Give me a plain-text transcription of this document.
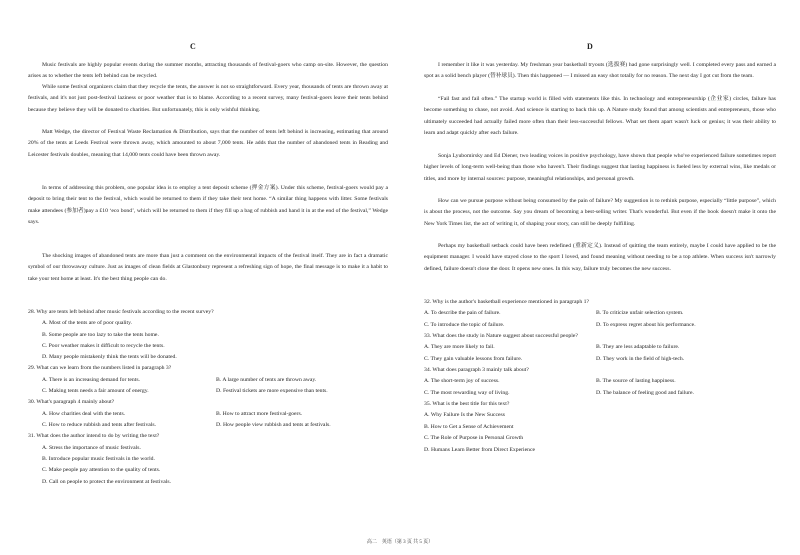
C

Music festivals are highly popular events during the summer months, attracting thousands of festival-goers who camp on-site. However, the question arises as to whether the tents left behind can be recycled.

While some festival organizers claim that they recycle the tents, the answer is not so straightforward. Every year, thousands of tents are thrown away at festivals, and it's not just post-festival laziness or poor weather that is to blame. According to a recent survey, many festival-goers leave their tents behind because they believe they will be donated to charities. But unfortunately, this is only wishful thinking.

Matt Wedge, the director of Festival Waste Reclamation & Distribution, says that the number of tents left behind is increasing, estimating that around 20% of the tents at Leeds Festival were thrown away, which amounted to about 7,000 tents. He adds that the number of abandoned tents in Reading and Leicester festivals doubles, meaning that 14,000 tents could have been thrown away.

In terms of addressing this problem, one popular idea is to employ a tent deposit scheme (押金方案). Under this scheme, festival-goers would pay a deposit to bring their tent to the festival, which would be returned to them if they take their tent home. “A similar thing happens with litter. Some festivals make attendees (参加者)pay a £10 ‘eco bond’, which will be returned to them if they fill up a bag of rubbish and hand it in at the end of the festival,” Wedge says.

The shocking images of abandoned tents are more than just a comment on the environmental impacts of the festival itself. They are in fact a dramatic symbol of our throwaway culture. Just as images of clean fields at Glastonbury represent a refreshing sign of hope, the final message is to make it a habit to take your tent home at least. It's the best thing people can do.

28. Why are tents left behind after music festivals according to the recent survey?
A. Most of the tents are of poor quality.
B. Some people are too lazy to take the tents home.
C. Poor weather makes it difficult to recycle the tents.
D. Many people mistakenly think the tents will be donated.
29. What can we learn from the numbers listed in paragraph 3?
A. There is an increasing demand for tents.	B. A large number of tents are thrown away.
C. Making tents needs a fair amount of energy.	D. Festival tickets are more expensive than tents.
30. What's paragraph 4 mainly about?
A. How charities deal with the tents.	B. How to attract more festival-goers.
C. How to reduce rubbish and tents after festivals.	D. How people view rubbish and tents at festivals.
31. What does the author intend to do by writing the text?
A. Stress the importance of music festivals.
B. Introduce popular music festivals in the world.
C. Make people pay attention to the quality of tents.
D. Call on people to protect the environment at festivals.
D

I remember it like it was yesterday. My freshman year basketball tryouts (选拔赛) had gone surprisingly well. I completed every pass and earned a spot as a solid bench player (替补球员). Then this happened — I missed an easy shot totally for no reason. The next day I got cut from the team.

“Fail fast and fail often.” The startup world is filled with statements like this. In technology and entrepreneurship (企业家) circles, failure has become something to chase, not avoid. And science is starting to back this up. A Nature study found that among scientists and entrepreneurs, those who ultimately succeeded had actually failed more often than their less-successful fellows. What set them apart wasn't luck or genius; it was their ability to learn and adapt quickly after each failure.

Sonja Lyubomirsky and Ed Diener, two leading voices in positive psychology, have shown that people who've experienced failure sometimes report higher levels of long-term well-being than those who haven't. Their findings suggest that lasting happiness is fueled less by external wins, like medals or titles, and more by internal sources: purpose, meaningful relationships, and personal growth.

How can we pursue purpose without being consumed by the pain of failure? My suggestion is to rethink purpose, especially “little purpose”, which is about the process, not the outcome. Say you dream of becoming a best-selling writer. That's wonderful. But even if the book doesn't make it onto the New York Times list, the act of writing it, of shaping your story, can still be deeply fulfilling.

Perhaps my basketball setback could have been redefined (重新定义). Instead of quitting the team entirely, maybe I could have applied to be the equipment manager. I would have stayed close to the sport I loved, and found meaning without needing to be a top athlete. When success isn't narrowly defined, failure doesn't close the door. It opens new ones. In this way, failure truly becomes the new success.

32. Why is the author's basketball experience mentioned in paragraph 1?
A. To describe the pain of failure.	B. To criticize unfair selection system.
C. To introduce the topic of failure.	D. To express regret about his performance.
33. What does the study in Nature suggest about successful people?
A. They are more likely to fail.	B. They are less adaptable to failure.
C. They gain valuable lessons from failure.	D. They work in the field of high-tech.
34. What does paragraph 3 mainly talk about?
A. The short-term joy of success.	B. The source of lasting happiness.
C. The most rewarding way of living.	D. The balance of feeling good and failure.
35. What is the best title for this text?
A. Why Failure Is the New Success
B. How to Get a Sense of Achievement
C. The Role of Purpose in Personal Growth
D. Humans Learn Better from Direct Experience
高二　英语（第 3 页 共 5 页）
